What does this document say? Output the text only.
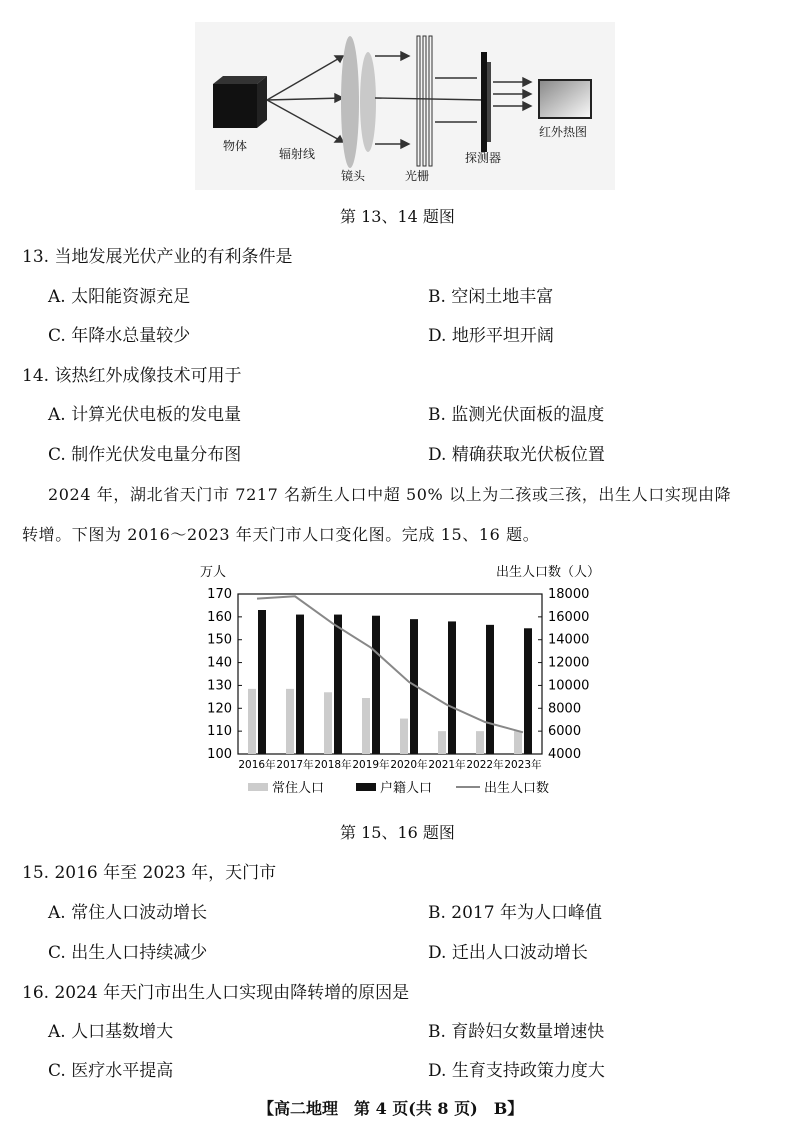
物体
辐射线
镜头	光栅
探测器
红外热图
第 13、14 题图
13. 当地发展光伏产业的有利条件是
A. 太阳能资源充足	B. 空闲土地丰富
C. 年降水总量较少	D. 地形平坦开阔
14. 该热红外成像技术可用于
A. 计算光伏电板的发电量	B. 监测光伏面板的温度
C. 制作光伏发电量分布图	D. 精确获取光伏板位置
2024 年，湖北省天门市 7217 名新生人口中超 50% 以上为二孩或三孩，出生人口实现由降
转增。下图为 2016～2023 年天门市人口变化图。完成 15、16 题。
100
110
120
130
140
150
160
170
4000
6000
8000
10000
12000
14000
16000
18000
2016年 2017年 2018年 2019年 2020年 2021年 2022年 2023年
万人	出生人口数（人）
常住人口	户籍人口	出生人口数
第 15、16 题图
15. 2016 年至 2023 年，天门市
A. 常住人口波动增长	B. 2017 年为人口峰值
C. 出生人口持续减少	D. 迁出人口波动增长
16. 2024 年天门市出生人口实现由降转增的原因是
A. 人口基数增大	B. 育龄妇女数量增速快
C. 医疗水平提高	D. 生育支持政策力度大
【高二地理　第 4 页(共 8 页)　B】
